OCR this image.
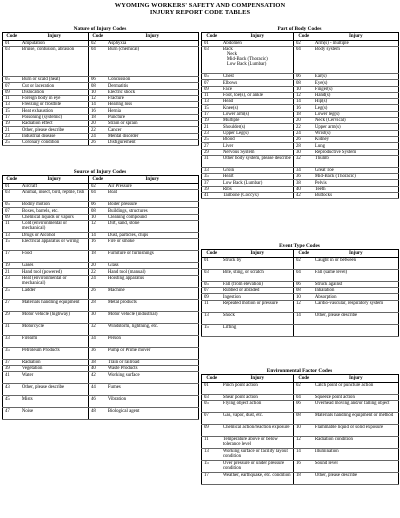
WYOMING WORKERS' SAFETY AND COMPENSATION
INJURY REPORT CODE TABLES
Nature of Injury Codes
Code	Injury	Code	Injury
01	Amputation	02	Asphyxia
03	Bruise, contusion, abrasion	04	Burn (chemical)
05	Burn or scald (heat)	06	Concussion
07	Cut or laceration	08	Dermatitis
09	Dislocation	10	Electric shock
11	Foreign body in eye	12	Fracture
13	Freezing or frostbite	14	Hearing loss
15	Heat exhaustion	16	Hernia
17	Poisoning (systemic)	18	Puncture
19	Radiation effect	20	Strain or sprain
21	Other, please describe	22	Cancer
23	Industrial disease	24	Mental disorder
25	Coronary condition	26	Disfigurement
Source of Injury Codes
Code	Injury	Code	Injury
01	Aircraft	02	Air Pressure
03	Animal, insect, bird, reptile, fish	04	Boat
05	Bodily motion	06	Boiler pressure
07	Boxes, barrels, etc.	08	Buildings, structures
09	Chemical liquids or vapors	10	Cleaning compound
11	Cold (environmental or mechanical)	12	Dirt, sand, stone
13	Drugs or Alcohol	14	Dust, particles, chips
15	Electrical apparatus or wiring	16	Fire or smoke
17	Food	18	Furniture or furnishings
19	Gases	20	Glass
21	Hand tool (powered)	22	Hand tool (manual)
23	Heat (environmental or mechanical)	24	Hoisting apparatus
25	Ladder	26	Machine
27	Materials handling equipment	28	Metal products
29	Motor vehicle (highway)	30	Motor vehicle (industrial)
31	Motorcycle	32	Windstorm, lightning, etc.
33	Firearm	34	Person
35	Petroleum Products	36	Pump or Prime mover
37	Radiation	38	Train or railroad
39	Vegetation	40	Waste Products
41	Water	42	Working surface
43	Other, please describe	44	Fumes
45	Mists	46	Vibration
47	Noise	48	Biological agent
Part of Body Codes
Code	Injury	Code	Injury
01	Abdomen	02	Arm(s) - multiple
03	Back
Neck
Mid-Back (Thoracic)
Low Back (Lumbar)	04	Body system
05	Chest	06	Ear(s)
07	Elbows	08	Eye(s)
09	Face	10	Finger(s)
11	Foot, toe(s), or ankle	12	Hand(s)
13	Head	14	Hip(s)
15	Knee(s)	16	Leg(s)
17	Lower arm(s)	18	Lower leg(s)
19	Multiple	20	Neck (Cervical)
21	Shoulder(s)	22	Upper arm(s)
23	Upper Leg(s)	24	Wrist(s)
25	Blood	26	Kidney
27	Liver	28	Lung
29	Nervous System	30	Reproductive System
31	Other body system, please describe	32	Thumb
33	Groin	34	Great Toe
35	Heart	36	Mid-Back (Thoracic)
37	Low Back (Lumbar)	38	Pelvis
39	Ribs	40	Teeth
41	Tailbone (Coccyx)	42	Buttocks
Event Type Codes
Code	Injury	Code	Injury
01	Struck by	02	Caught in or between
03	Bite, sting, or scratch	04	Fall (same level)
05	Fall (from elevation)	06	Struck against
07	Rubbed or abraded	08	Inhalation
09	Ingestion	10	Absorption
11	Repeated motion or pressure	12	Cardio-vascular, respiratory system
13	Shock	14	Other, please describe
15	Lifting		
Environmental Factor Codes
Code	Injury	Code	Injury
01	Pinch point action	02	Catch point or puncture action
03	Shear point action	04	Squeeze point action
05	Flying object action	06	Overhead moving and/or falling object
07	Gas, vapor, dust, etc.	08	Materials handling equipment or method
09	Chemical action/reaction exposure	10	Flammable liquid or solid exposure
11	Temperature above or below tolerance level	12	Radiation condition
13	Working surface or facility layout condition	14	Illumination
15	Over pressure or under pressure condition	16	Sound level
17	Weather, earthquake, etc. condition	18	Other, please describe
